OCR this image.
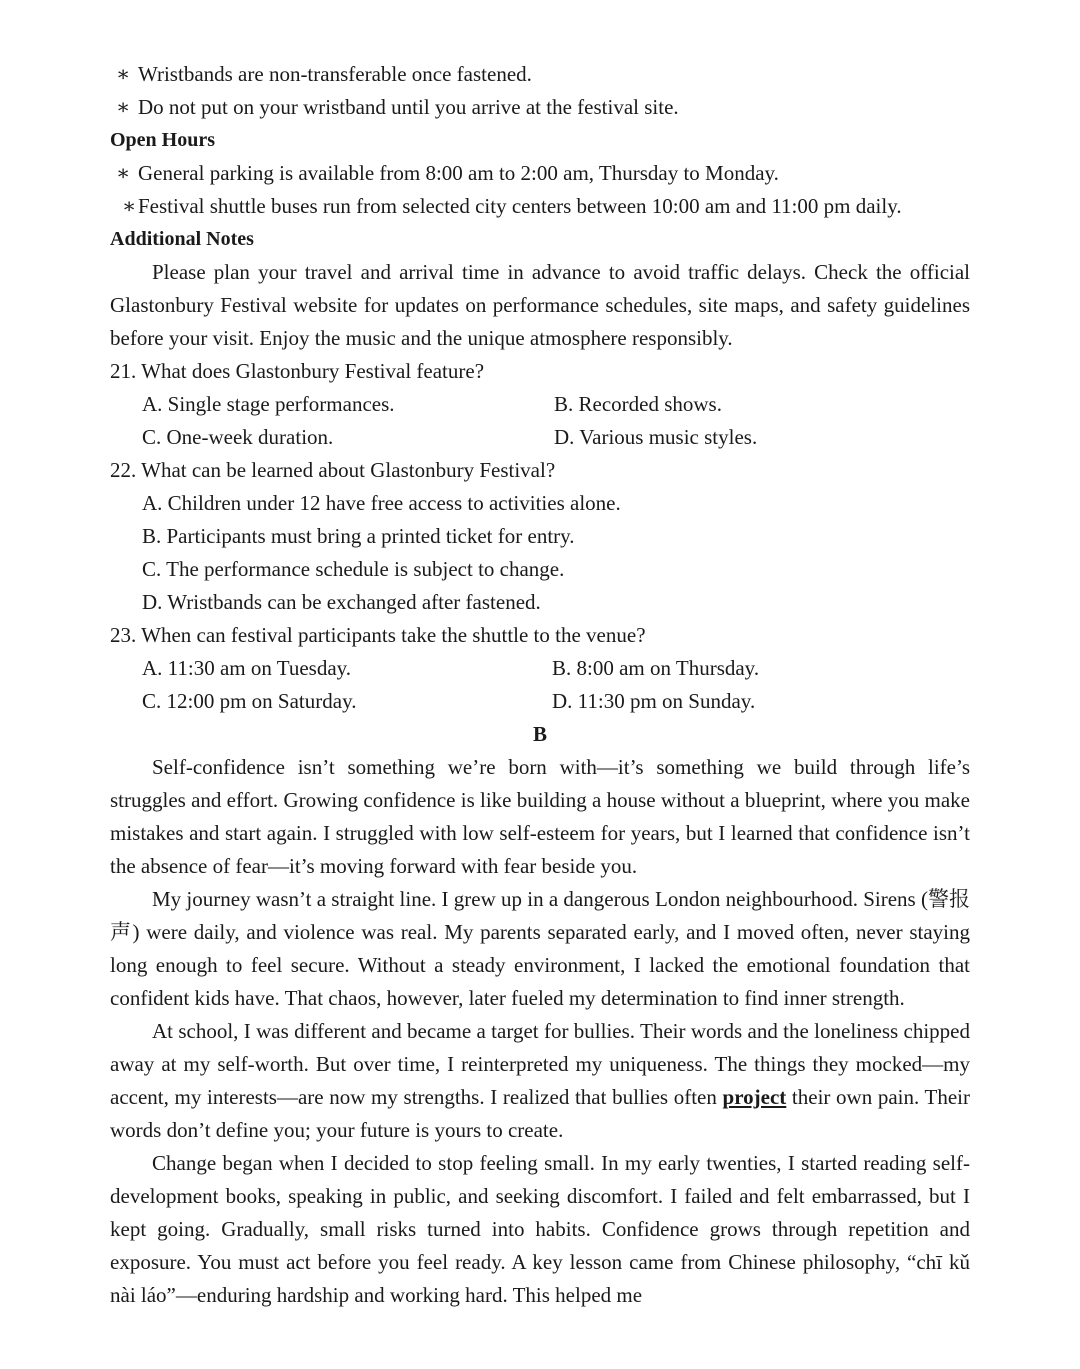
∗ Wristbands are non-transferable once fastened.
∗ Do not put on your wristband until you arrive at the festival site.
Open Hours
∗ General parking is available from 8:00 am to 2:00 am, Thursday to Monday.
∗Festival shuttle buses run from selected city centers between 10:00 am and 11:00 pm daily.
Additional Notes
Please plan your travel and arrival time in advance to avoid traffic delays. Check the official Glastonbury Festival website for updates on performance schedules, site maps, and safety guidelines before your visit. Enjoy the music and the unique atmosphere responsibly.
21. What does Glastonbury Festival feature?
A. Single stage performances.	B. Recorded shows.
C. One-week duration.	D. Various music styles.
22. What can be learned about Glastonbury Festival?
A. Children under 12 have free access to activities alone.
B. Participants must bring a printed ticket for entry.
C. The performance schedule is subject to change.
D. Wristbands can be exchanged after fastened.
23. When can festival participants take the shuttle to the venue?
A. 11:30 am on Tuesday.	B. 8:00 am on Thursday.
C. 12:00 pm on Saturday.	D. 11:30 pm on Sunday.
B
Self-confidence isn’t something we’re born with—it’s something we build through life’s struggles and effort. Growing confidence is like building a house without a blueprint, where you make mistakes and start again. I struggled with low self-esteem for years, but I learned that confidence isn’t the absence of fear—it’s moving forward with fear beside you.
My journey wasn’t a straight line. I grew up in a dangerous London neighbourhood. Sirens (警报声) were daily, and violence was real. My parents separated early, and I moved often, never staying long enough to feel secure. Without a steady environment, I lacked the emotional foundation that confident kids have. That chaos, however, later fueled my determination to find inner strength.
At school, I was different and became a target for bullies. Their words and the loneliness chipped away at my self-worth. But over time, I reinterpreted my uniqueness. The things they mocked—my accent, my interests—are now my strengths. I realized that bullies often project their own pain. Their words don’t define you; your future is yours to create.
Change began when I decided to stop feeling small. In my early twenties, I started reading self-development books, speaking in public, and seeking discomfort. I failed and felt embarrassed, but I kept going. Gradually, small risks turned into habits. Confidence grows through repetition and exposure. You must act before you feel ready. A key lesson came from Chinese philosophy, “chī kǔ nài láo”—enduring hardship and working hard. This helped me
